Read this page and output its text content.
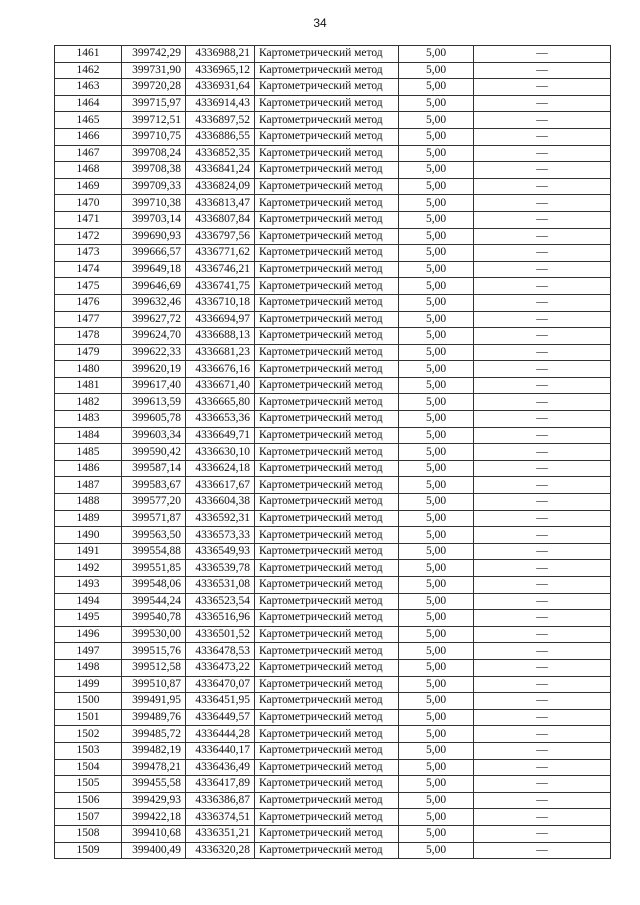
34
1461	399742,29	4336988,21	Картометрический метод	5,00	—
1462	399731,90	4336965,12	Картометрический метод	5,00	—
1463	399720,28	4336931,64	Картометрический метод	5,00	—
1464	399715,97	4336914,43	Картометрический метод	5,00	—
1465	399712,51	4336897,52	Картометрический метод	5,00	—
1466	399710,75	4336886,55	Картометрический метод	5,00	—
1467	399708,24	4336852,35	Картометрический метод	5,00	—
1468	399708,38	4336841,24	Картометрический метод	5,00	—
1469	399709,33	4336824,09	Картометрический метод	5,00	—
1470	399710,38	4336813,47	Картометрический метод	5,00	—
1471	399703,14	4336807,84	Картометрический метод	5,00	—
1472	399690,93	4336797,56	Картометрический метод	5,00	—
1473	399666,57	4336771,62	Картометрический метод	5,00	—
1474	399649,18	4336746,21	Картометрический метод	5,00	—
1475	399646,69	4336741,75	Картометрический метод	5,00	—
1476	399632,46	4336710,18	Картометрический метод	5,00	—
1477	399627,72	4336694,97	Картометрический метод	5,00	—
1478	399624,70	4336688,13	Картометрический метод	5,00	—
1479	399622,33	4336681,23	Картометрический метод	5,00	—
1480	399620,19	4336676,16	Картометрический метод	5,00	—
1481	399617,40	4336671,40	Картометрический метод	5,00	—
1482	399613,59	4336665,80	Картометрический метод	5,00	—
1483	399605,78	4336653,36	Картометрический метод	5,00	—
1484	399603,34	4336649,71	Картометрический метод	5,00	—
1485	399590,42	4336630,10	Картометрический метод	5,00	—
1486	399587,14	4336624,18	Картометрический метод	5,00	—
1487	399583,67	4336617,67	Картометрический метод	5,00	—
1488	399577,20	4336604,38	Картометрический метод	5,00	—
1489	399571,87	4336592,31	Картометрический метод	5,00	—
1490	399563,50	4336573,33	Картометрический метод	5,00	—
1491	399554,88	4336549,93	Картометрический метод	5,00	—
1492	399551,85	4336539,78	Картометрический метод	5,00	—
1493	399548,06	4336531,08	Картометрический метод	5,00	—
1494	399544,24	4336523,54	Картометрический метод	5,00	—
1495	399540,78	4336516,96	Картометрический метод	5,00	—
1496	399530,00	4336501,52	Картометрический метод	5,00	—
1497	399515,76	4336478,53	Картометрический метод	5,00	—
1498	399512,58	4336473,22	Картометрический метод	5,00	—
1499	399510,87	4336470,07	Картометрический метод	5,00	—
1500	399491,95	4336451,95	Картометрический метод	5,00	—
1501	399489,76	4336449,57	Картометрический метод	5,00	—
1502	399485,72	4336444,28	Картометрический метод	5,00	—
1503	399482,19	4336440,17	Картометрический метод	5,00	—
1504	399478,21	4336436,49	Картометрический метод	5,00	—
1505	399455,58	4336417,89	Картометрический метод	5,00	—
1506	399429,93	4336386,87	Картометрический метод	5,00	—
1507	399422,18	4336374,51	Картометрический метод	5,00	—
1508	399410,68	4336351,21	Картометрический метод	5,00	—
1509	399400,49	4336320,28	Картометрический метод	5,00	—
